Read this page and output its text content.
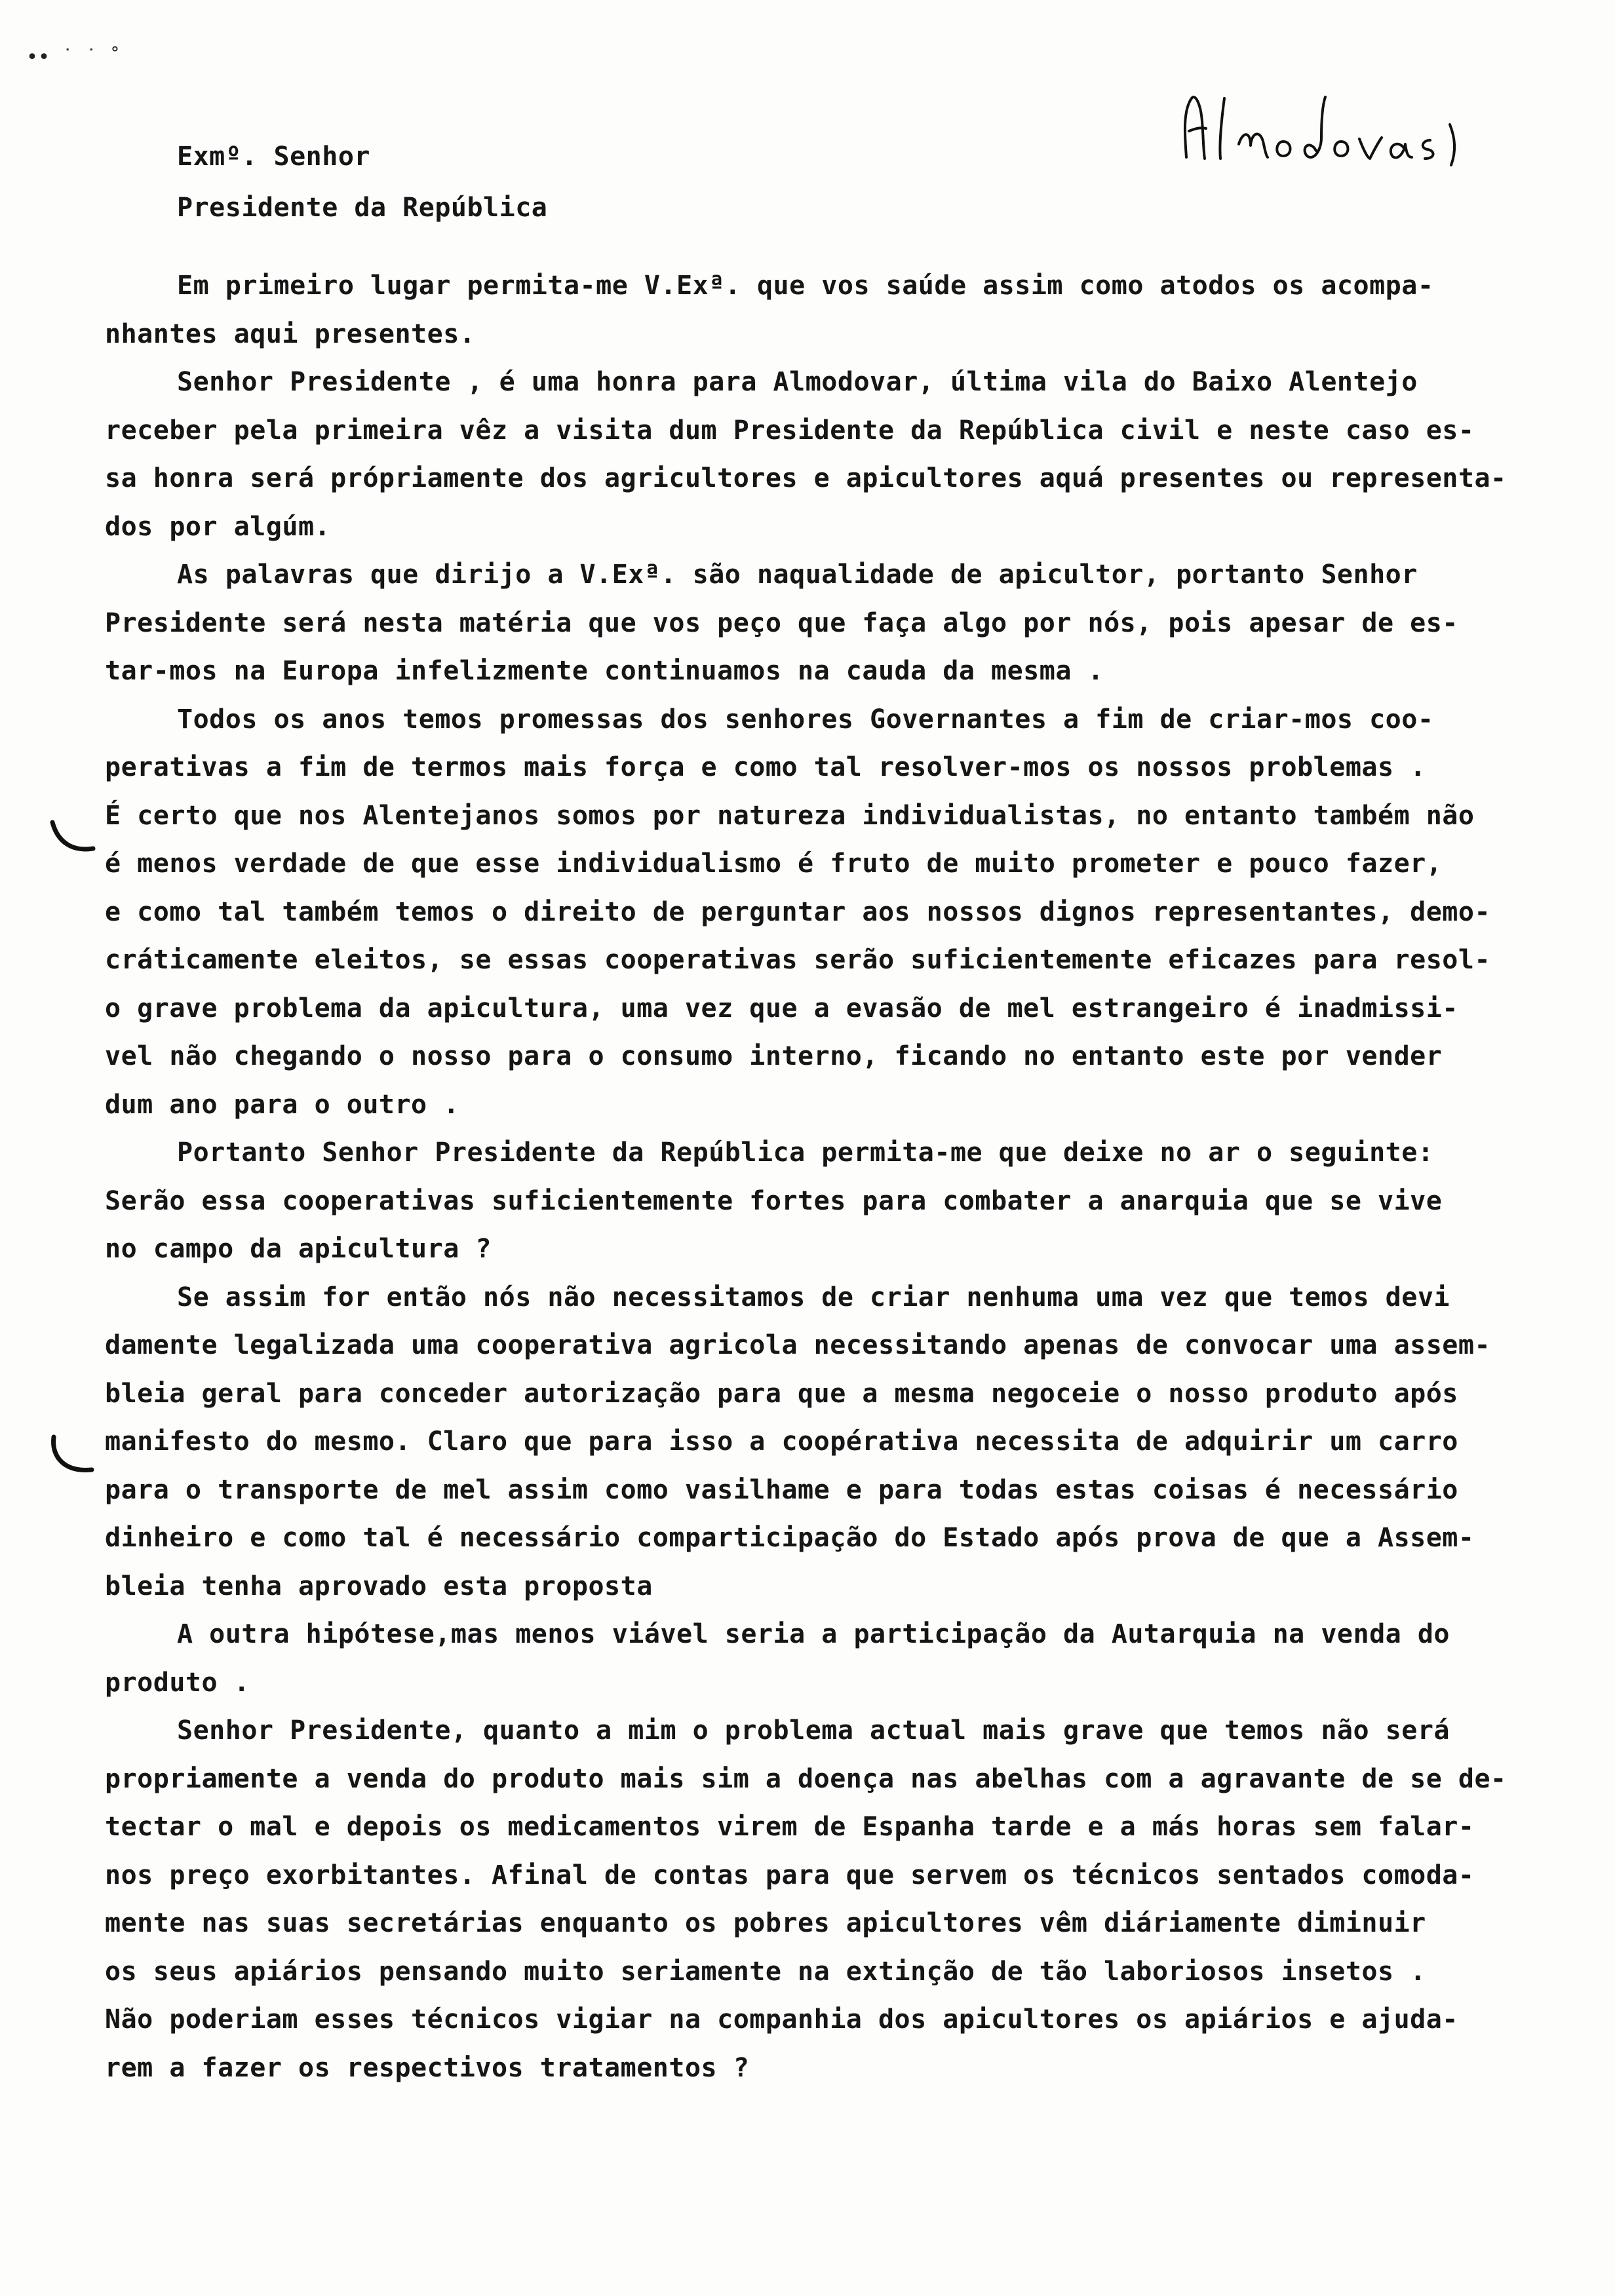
•• ˙ ˙ ˚
Exmº. Senhor
Presidente da República
Em primeiro lugar permita-me V.Exª. que vos saúde assim como atodos os acompa-
nhantes aqui presentes.
Senhor Presidente , é uma honra para Almodovar, última vila do Baixo Alentejo
receber pela primeira vêz a visita dum Presidente da República civil e neste caso es-
sa honra será própriamente dos agricultores e apicultores aquá presentes ou representa-
dos por algúm.
As palavras que dirijo a V.Exª. são naqualidade de apicultor, portanto Senhor
Presidente será nesta matéria que vos peço que faça algo por nós, pois apesar de es-
tar-mos na Europa infelizmente continuamos na cauda da mesma .
Todos os anos temos promessas dos senhores Governantes a fim de criar-mos coo-
perativas a fim de termos mais força e como tal resolver-mos os nossos problemas .
É certo que nos Alentejanos somos por natureza individualistas, no entanto também não
é menos verdade de que esse individualismo é fruto de muito prometer e pouco fazer,
e como tal também temos o direito de perguntar aos nossos dignos representantes, demo-
cráticamente eleitos, se essas cooperativas serão suficientemente eficazes para resol-
o grave problema da apicultura, uma vez que a evasão de mel estrangeiro é inadmissi-
vel não chegando o nosso para o consumo interno, ficando no entanto este por vender
dum ano para o outro .
Portanto Senhor Presidente da República permita-me que deixe no ar o seguinte:
Serão essa cooperativas suficientemente fortes para combater a anarquia que se vive
no campo da apicultura ?
Se assim for então nós não necessitamos de criar nenhuma uma vez que temos devi
damente legalizada uma cooperativa agricola necessitando apenas de convocar uma assem-
bleia geral para conceder autorização para que a mesma negoceie o nosso produto após
manifesto do mesmo. Claro que para isso a coopérativa necessita de adquirir um carro
para o transporte de mel assim como vasilhame e para todas estas coisas é necessário
dinheiro e como tal é necessário comparticipação do Estado após prova de que a Assem-
bleia tenha aprovado esta proposta
A outra hipótese,mas menos viável seria a participação da Autarquia na venda do
produto .
Senhor Presidente, quanto a mim o problema actual mais grave que temos não será
propriamente a venda do produto mais sim a doença nas abelhas com a agravante de se de-
tectar o mal e depois os medicamentos virem de Espanha tarde e a más horas sem falar-
nos preço exorbitantes. Afinal de contas para que servem os técnicos sentados comoda-
mente nas suas secretárias enquanto os pobres apicultores vêm diáriamente diminuir
os seus apiários pensando muito seriamente na extinção de tão laboriosos insetos .
Não poderiam esses técnicos vigiar na companhia dos apicultores os apiários e ajuda-
rem a fazer os respectivos tratamentos ?
